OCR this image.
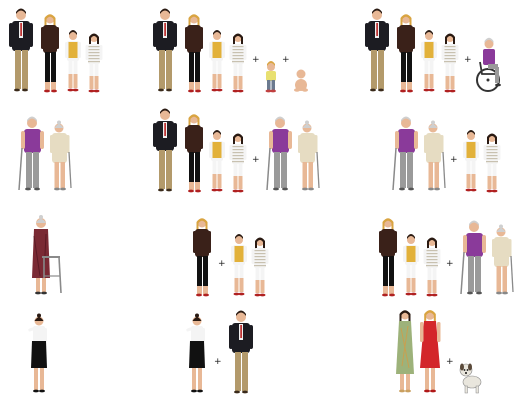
+ +	+
+	+
+	+
+	+
